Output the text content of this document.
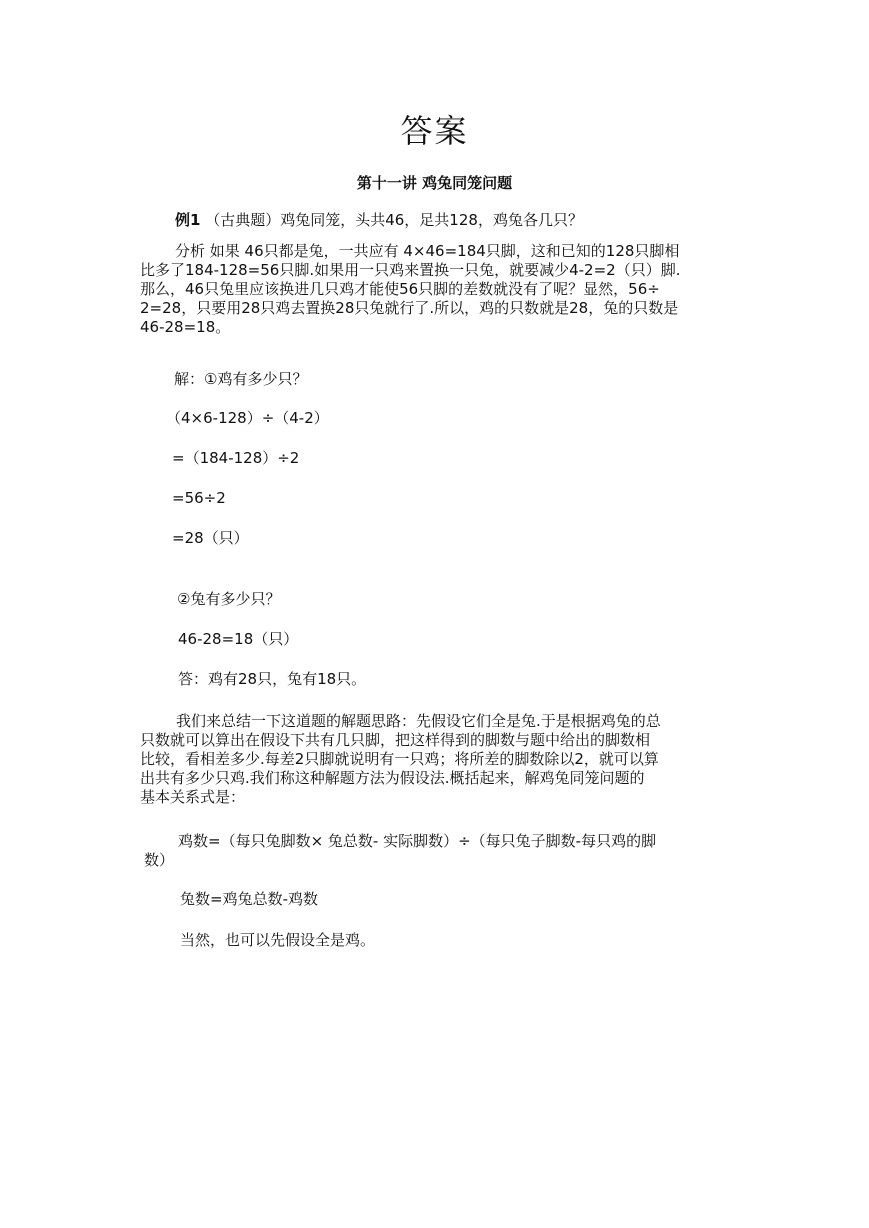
答案
第十一讲 鸡兔同笼问题
例1 （古典题）鸡兔同笼，头共46，足共128，鸡兔各几只？
分析 如果 46只都是兔，一共应有 4×46=184只脚，这和已知的128只脚相
比多了184-128=56只脚.如果用一只鸡来置换一只兔，就要减少4-2=2（只）脚.
那么，46只兔里应该换进几只鸡才能使56只脚的差数就没有了呢？显然，56÷
2=28，只要用28只鸡去置换28只兔就行了.所以，鸡的只数就是28，兔的只数是
46-28=18。
解：①鸡有多少只？
（4×6-128）÷（4-2）
=（184-128）÷2
=56÷2
=28（只）
②兔有多少只？
46-28=18（只）
答：鸡有28只，兔有18只。
我们来总结一下这道题的解题思路：先假设它们全是兔.于是根据鸡兔的总
只数就可以算出在假设下共有几只脚，把这样得到的脚数与题中给出的脚数相
比较，看相差多少.每差2只脚就说明有一只鸡；将所差的脚数除以2，就可以算
出共有多少只鸡.我们称这种解题方法为假设法.概括起来，解鸡兔同笼问题的
基本关系式是：
鸡数=（每只兔脚数× 兔总数- 实际脚数）÷（每只兔子脚数-每只鸡的脚
数）
兔数=鸡兔总数-鸡数
当然，也可以先假设全是鸡。
